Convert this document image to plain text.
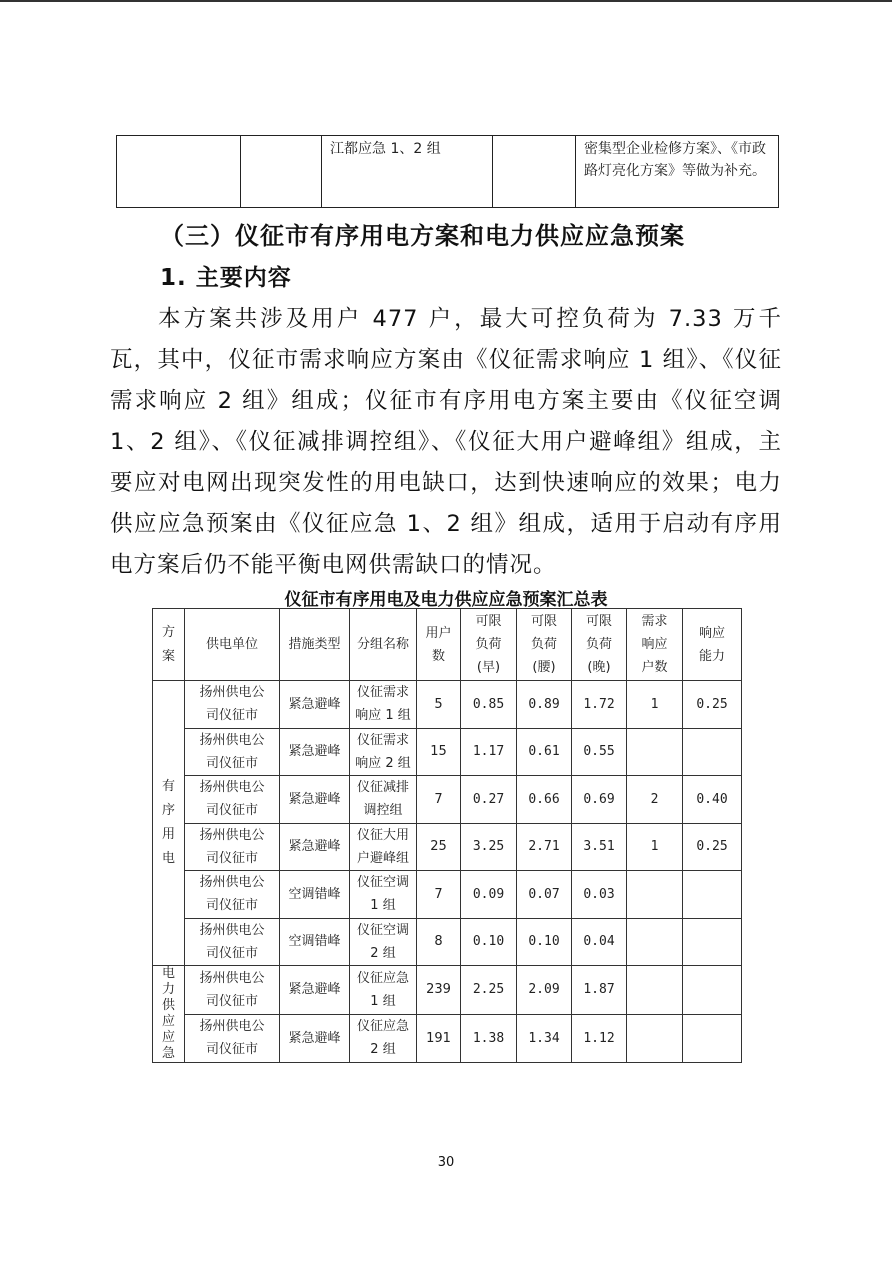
		江都应急 1、2 组		密集型企业检修方案》、《市政路灯亮化方案》等做为补充。
（三）仪征市有序用电方案和电力供应应急预案
1. 主要内容

本方案共涉及用户 477 户，最大可控负荷为 7.33 万千瓦，其中，仪征市需求响应方案由《仪征需求响应 1 组》、《仪征需求响应 2 组》组成；仪征市有序用电方案主要由《仪征空调 1、2 组》、《仪征减排调控组》、《仪征大用户避峰组》组成，主要应对电网出现突发性的用电缺口，达到快速响应的效果；电力供应应急预案由《仪征应急 1、2 组》组成，适用于启动有序用电方案后仍不能平衡电网供需缺口的情况。

仪征市有序用电及电力供应应急预案汇总表
方案	供电单位	措施类型	分组名称	用户数	可限负荷(早)	可限负荷(腰)	可限负荷(晚)	需求响应户数	响应能力

有序用电	扬州供电公司仪征市	紧急避峰	仪征需求响应 1 组	5	0.85	0.89	1.72	1	0.25

	扬州供电公司仪征市	紧急避峰	仪征需求响应 2 组	15	1.17	0.61	0.55		

	扬州供电公司仪征市	紧急避峰	仪征减排调控组	7	0.27	0.66	0.69	2	0.40

	扬州供电公司仪征市	紧急避峰	仪征大用户避峰组	25	3.25	2.71	3.51	1	0.25

	扬州供电公司仪征市	空调错峰	仪征空调 1 组	7	0.09	0.07	0.03		

	扬州供电公司仪征市	空调错峰	仪征空调 2 组	8	0.10	0.10	0.04		

电力供应应急	扬州供电公司仪征市	紧急避峰	仪征应急 1 组	239	2.25	2.09	1.87		

	扬州供电公司仪征市	紧急避峰	仪征应急 2 组	191	1.38	1.34	1.12		
30
